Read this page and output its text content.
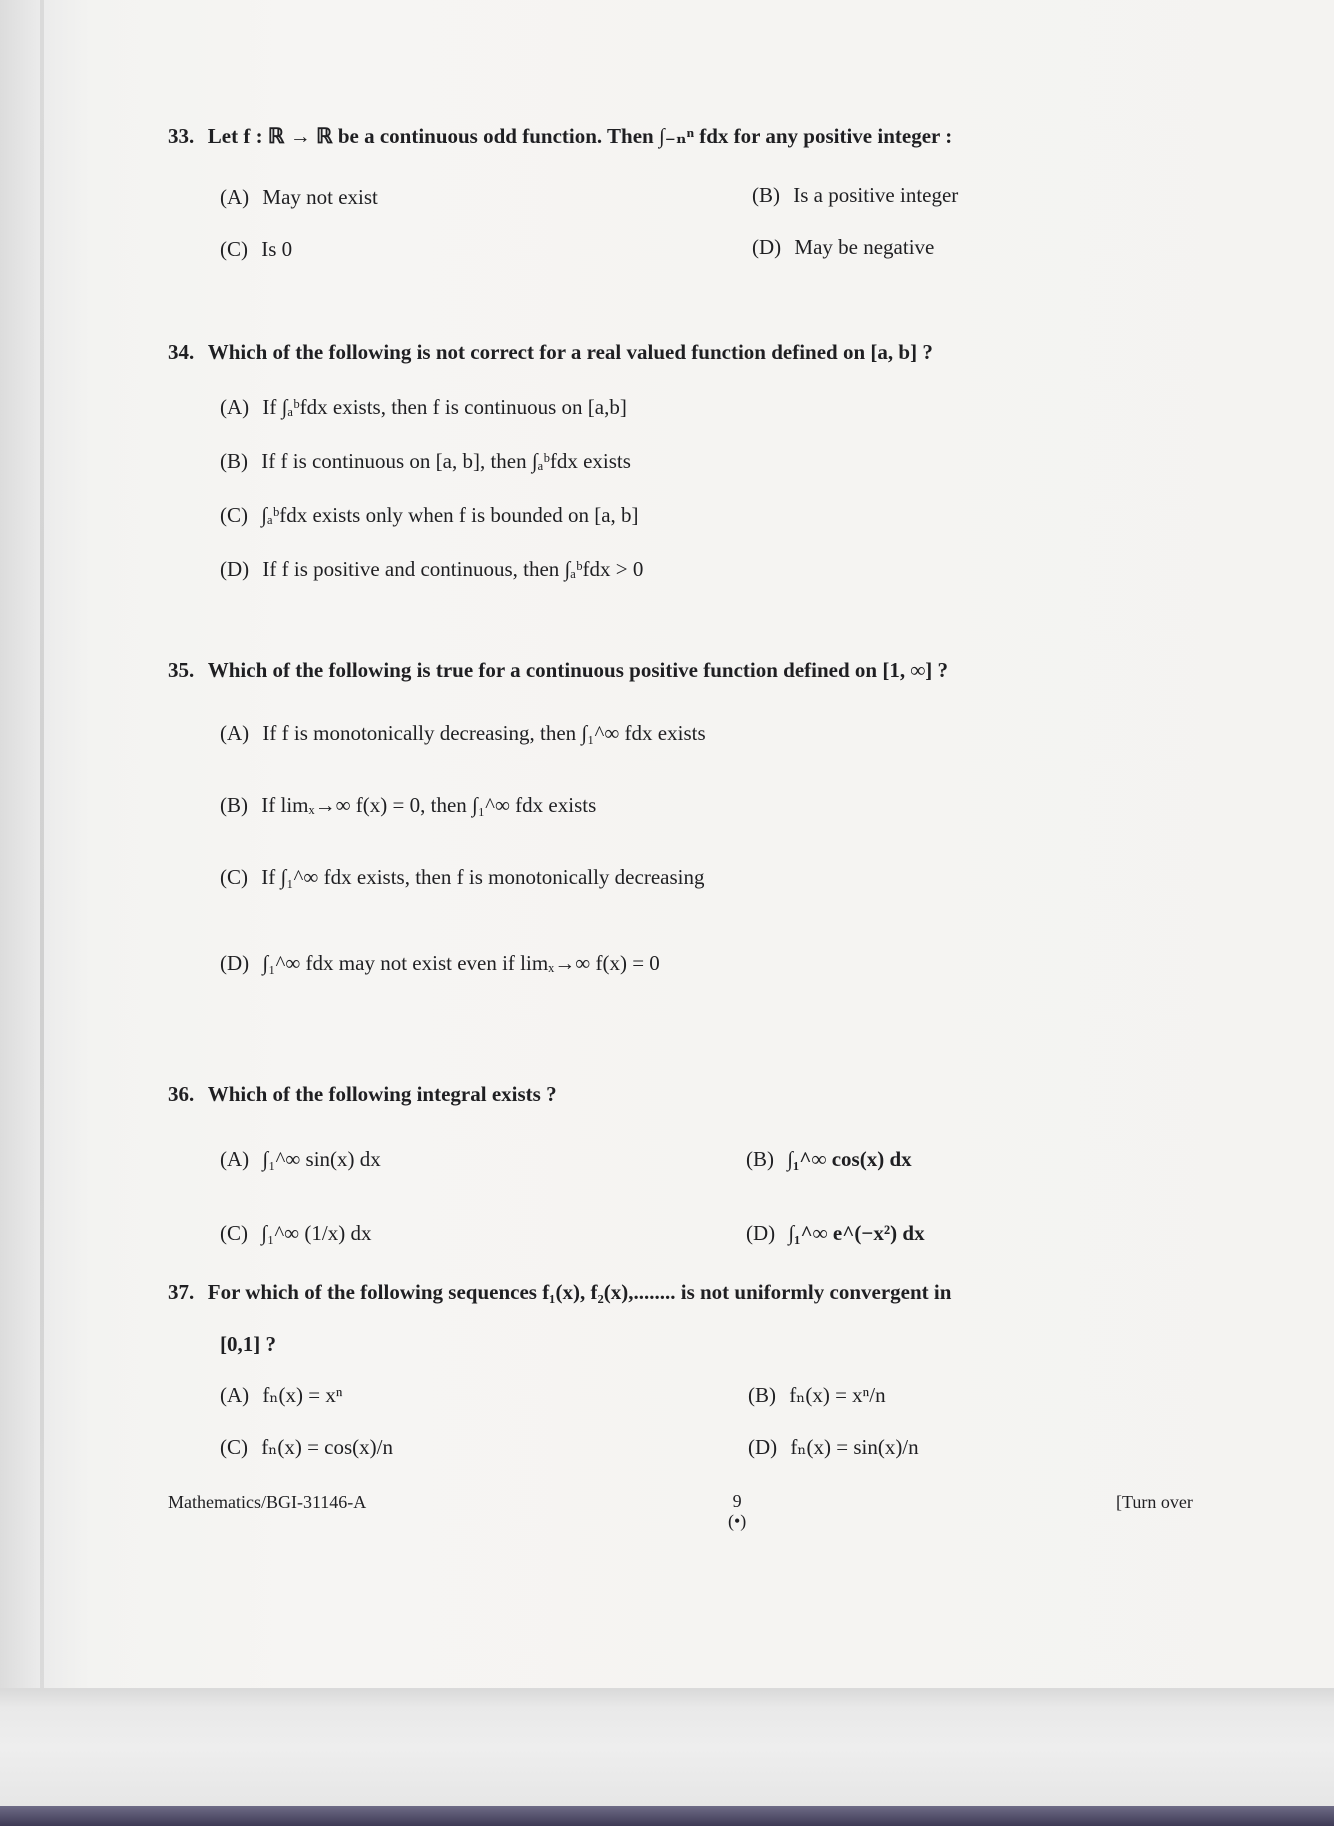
33. Let f : ℝ → ℝ be a continuous odd function. Then ∫₋ₙⁿ fdx for any positive integer :
(A) May not exist	(B) Is a positive integer
(C) Is 0	(D) May be negative
34. Which of the following is not correct for a real valued function defined on [a, b] ?
(A) If ∫ₐᵇfdx exists, then f is continuous on [a,b]
(B) If f is continuous on [a, b], then ∫ₐᵇfdx exists
(C) ∫ₐᵇfdx exists only when f is bounded on [a, b]
(D) If f is positive and continuous, then ∫ₐᵇfdx > 0
35. Which of the following is true for a continuous positive function defined on [1, ∞] ?
(A) If f is monotonically decreasing, then ∫₁^∞ fdx exists
(B) If limₓ→∞ f(x) = 0, then ∫₁^∞ fdx exists
(C) If ∫₁^∞ fdx exists, then f is monotonically decreasing
(D) ∫₁^∞ fdx may not exist even if limₓ→∞ f(x) = 0
36. Which of the following integral exists ?
(A) ∫₁^∞ sin(x) dx	(B) ∫₁^∞ cos(x) dx
(C) ∫₁^∞ (1/x) dx	(D) ∫₁^∞ e^(−x²) dx
37. For which of the following sequences f₁(x), f₂(x),........ is not uniformly convergent in
[0,1] ?
(A) fₙ(x) = xⁿ	(B) fₙ(x) = xⁿ/n
(C) fₙ(x) = cos(x)/n	(D) fₙ(x) = sin(x)/n
Mathematics/BGI-31146-A	9
(•)
[Turn over
